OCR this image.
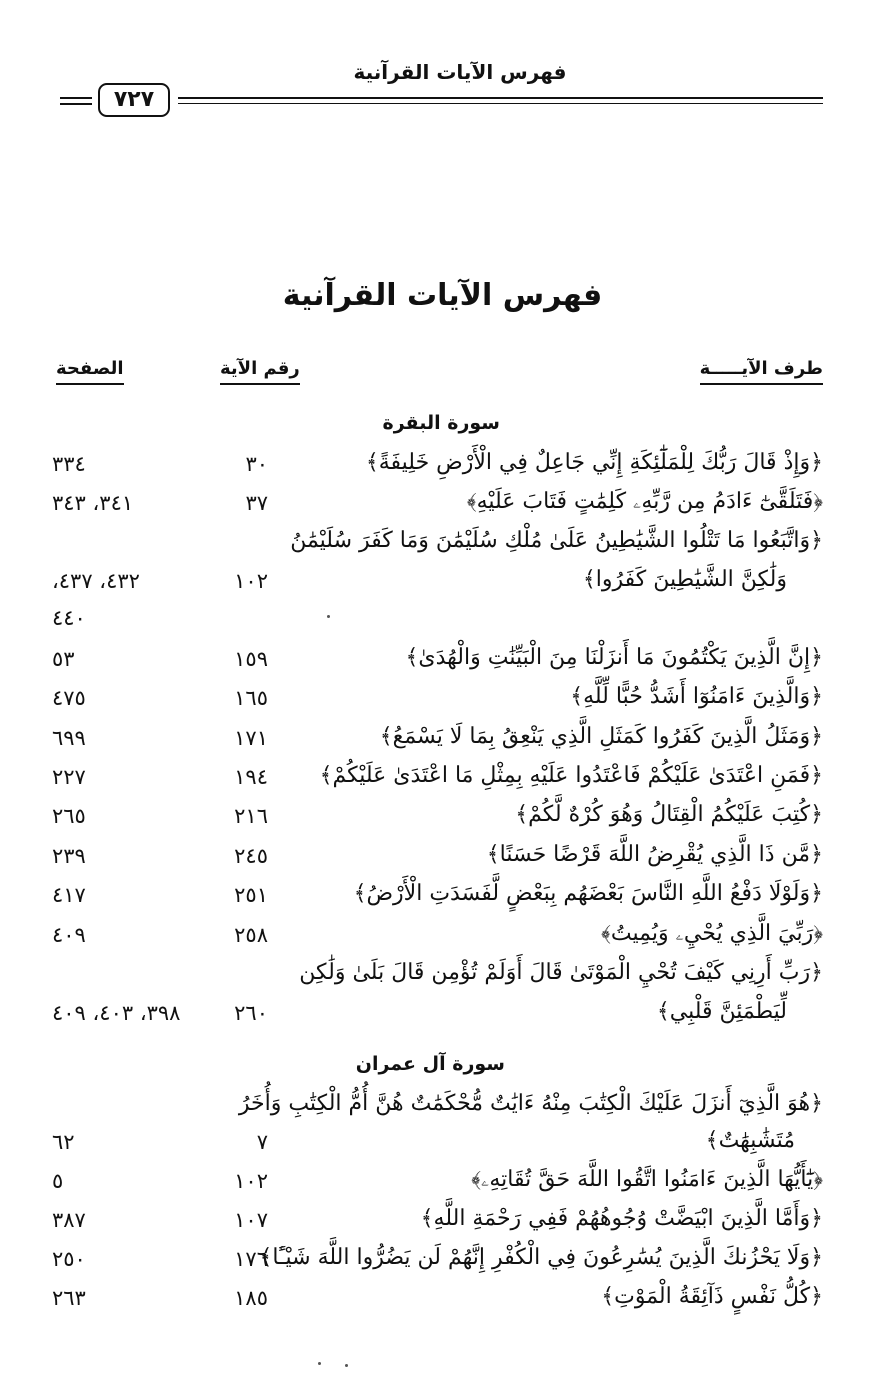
فهرس الآيات القرآنية
٧٢٧
فهرس الآيات القرآنية
طرف الآيـــــة
رقم الآية
الصفحة
سورة البقرة
﴿وَإِذْ قَالَ رَبُّكَ لِلْمَلَٰٓئِكَةِ إِنِّي جَاعِلٌ فِي الْأَرْضِ خَلِيفَةً﴾
٣٠
٣٣٤
﴿فَتَلَقَّىٰٓ ءَادَمُ مِن رَّبِّهِۦ كَلِمَٰتٍ فَتَابَ عَلَيْهِ﴾
٣٧
٣٤١، ٣٤٣
﴿وَاتَّبَعُوا مَا تَتْلُوا الشَّيَٰطِينُ عَلَىٰ مُلْكِ سُلَيْمَٰنَ وَمَا كَفَرَ سُلَيْمَٰنُ
وَلَٰكِنَّ الشَّيَٰطِينَ كَفَرُوا﴾
١٠٢
٤٣٢، ٤٣٧،
٤٤٠
﴿إِنَّ الَّذِينَ يَكْتُمُونَ مَا أَنزَلْنَا مِنَ الْبَيِّنَٰتِ وَالْهُدَىٰ﴾
١٥٩
٥٣
﴿وَالَّذِينَ ءَامَنُوٓا أَشَدُّ حُبًّا لِّلَّهِ﴾
١٦٥
٤٧٥
﴿وَمَثَلُ الَّذِينَ كَفَرُوا كَمَثَلِ الَّذِي يَنْعِقُ بِمَا لَا يَسْمَعُ﴾
١٧١
٦٩٩
﴿فَمَنِ اعْتَدَىٰ عَلَيْكُمْ فَاعْتَدُوا عَلَيْهِ بِمِثْلِ مَا اعْتَدَىٰ عَلَيْكُمْ﴾
١٩٤
٢٢٧
﴿كُتِبَ عَلَيْكُمُ الْقِتَالُ وَهُوَ كُرْهٌ لَّكُمْ﴾
٢١٦
٢٦٥
﴿مَّن ذَا الَّذِي يُقْرِضُ اللَّهَ قَرْضًا حَسَنًا﴾
٢٤٥
٢٣٩
﴿وَلَوْلَا دَفْعُ اللَّهِ النَّاسَ بَعْضَهُم بِبَعْضٍ لَّفَسَدَتِ الْأَرْضُ﴾
٢٥١
٤١٧
﴿رَبِّيَ الَّذِي يُحْيِۦ وَيُمِيتُ﴾
٢٥٨
٤٠٩
﴿رَبِّ أَرِنِي كَيْفَ تُحْيِ الْمَوْتَىٰ قَالَ أَوَلَمْ تُؤْمِن قَالَ بَلَىٰ وَلَٰكِن
لِّيَطْمَئِنَّ قَلْبِي﴾
٢٦٠
٣٩٨، ٤٠٣، ٤٠٩
سورة آل عمران
﴿هُوَ الَّذِيٓ أَنزَلَ عَلَيْكَ الْكِتَٰبَ مِنْهُ ءَايَٰتٌ مُّحْكَمَٰتٌ هُنَّ أُمُّ الْكِتَٰبِ وَأُخَرُ
مُتَشَٰبِهَٰتٌ﴾
٧
٦٢
﴿يَٰٓأَيُّهَا الَّذِينَ ءَامَنُوا اتَّقُوا اللَّهَ حَقَّ تُقَاتِهِۦ﴾
١٠٢
٥
﴿وَأَمَّا الَّذِينَ ابْيَضَّتْ وُجُوهُهُمْ فَفِي رَحْمَةِ اللَّهِ﴾
١٠٧
٣٨٧
﴿وَلَا يَحْزُنكَ الَّذِينَ يُسَٰرِعُونَ فِي الْكُفْرِ إِنَّهُمْ لَن يَضُرُّوا اللَّهَ شَيْـًٔا﴾
١٧٦
٢٥٠
﴿كُلُّ نَفْسٍ ذَآئِقَةُ الْمَوْتِ﴾
١٨٥
٢٦٣
